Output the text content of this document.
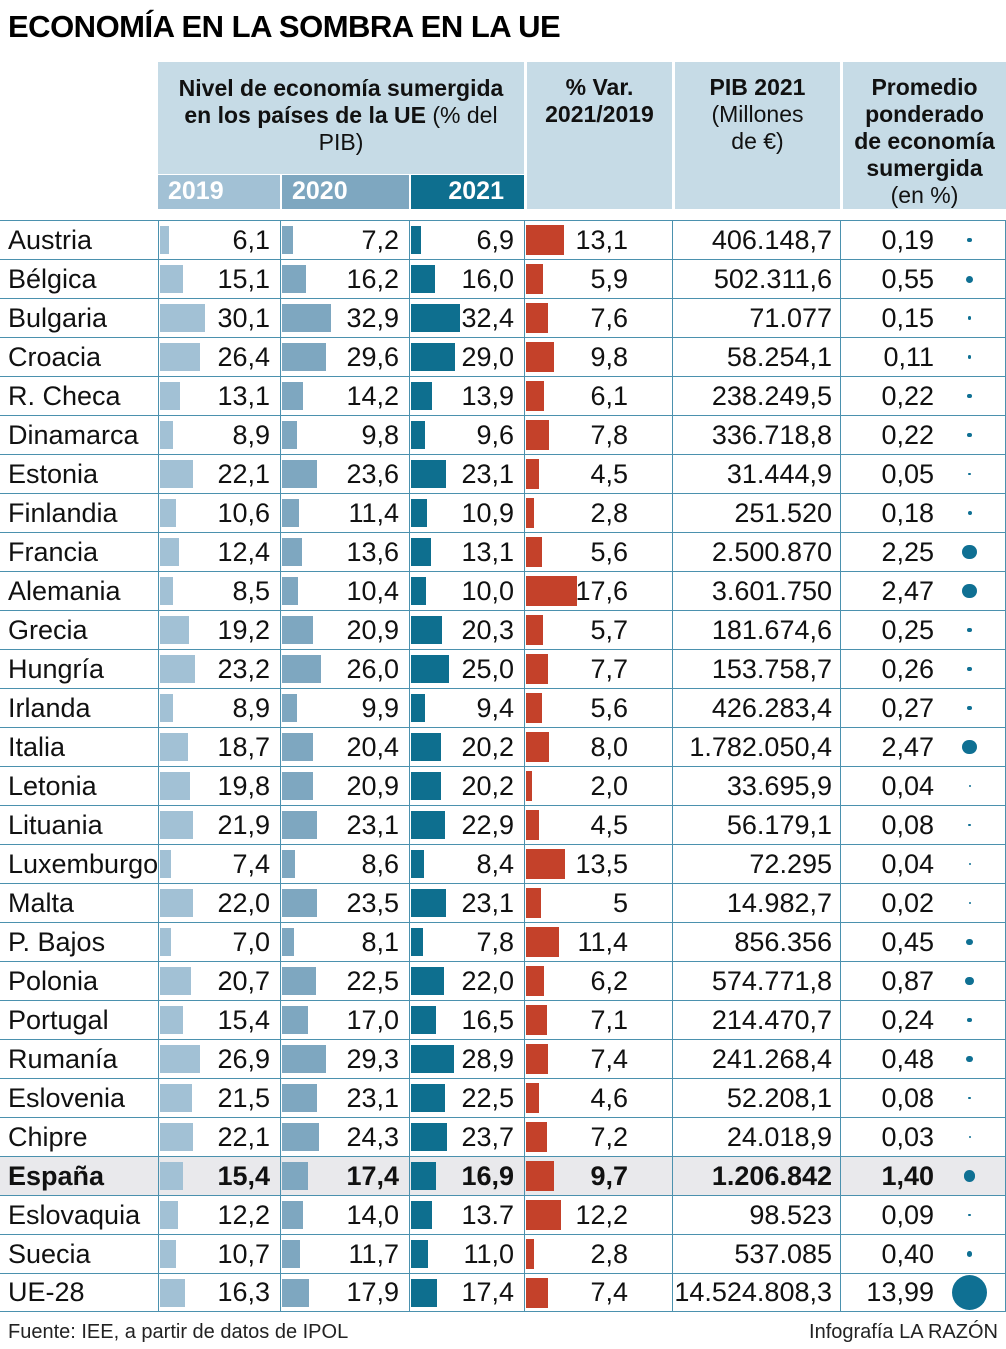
ECONOMÍA EN LA SOMBRA EN LA UE
Nivel de economía sumergida en los países de la UE (% del PIB)
2019	2020	2021
% Var.
2021/2019
PIB 2021
(Millones de €)
Promedio ponderado de economía sumergida
(en %)
Austria	6,1	7,2	6,9	13,1	406.148,7	0,19
Bélgica	15,1	16,2	16,0	5,9	502.311,6	0,55
Bulgaria	30,1	32,9	32,4	7,6	71.077	0,15
Croacia	26,4	29,6	29,0	9,8	58.254,1	0,11
R. Checa	13,1	14,2	13,9	6,1	238.249,5	0,22
Dinamarca	8,9	9,8	9,6	7,8	336.718,8	0,22
Estonia	22,1	23,6	23,1	4,5	31.444,9	0,05
Finlandia	10,6	11,4	10,9	2,8	251.520	0,18
Francia	12,4	13,6	13,1	5,6	2.500.870	2,25
Alemania	8,5	10,4	10,0	17,6	3.601.750	2,47
Grecia	19,2	20,9	20,3	5,7	181.674,6	0,25
Hungría	23,2	26,0	25,0	7,7	153.758,7	0,26
Irlanda	8,9	9,9	9,4	5,6	426.283,4	0,27
Italia	18,7	20,4	20,2	8,0	1.782.050,4	2,47
Letonia	19,8	20,9	20,2	2,0	33.695,9	0,04
Lituania	21,9	23,1	22,9	4,5	56.179,1	0,08
Luxemburgo	7,4	8,6	8,4	13,5	72.295	0,04
Malta	22,0	23,5	23,1	5	14.982,7	0,02
P. Bajos	7,0	8,1	7,8	11,4	856.356	0,45
Polonia	20,7	22,5	22,0	6,2	574.771,8	0,87
Portugal	15,4	17,0	16,5	7,1	214.470,7	0,24
Rumanía	26,9	29,3	28,9	7,4	241.268,4	0,48
Eslovenia	21,5	23,1	22,5	4,6	52.208,1	0,08
Chipre	22,1	24,3	23,7	7,2	24.018,9	0,03
España	15,4	17,4	16,9	9,7	1.206.842	1,40
Eslovaquia	12,2	14,0	13.7	12,2	98.523	0,09
Suecia	10,7	11,7	11,0	2,8	537.085	0,40
UE-28	16,3	17,9	17,4	7,4	14.524.808,3	13,99
Fuente: IEE, a partir de datos de IPOL	Infografía LA RAZÓN
